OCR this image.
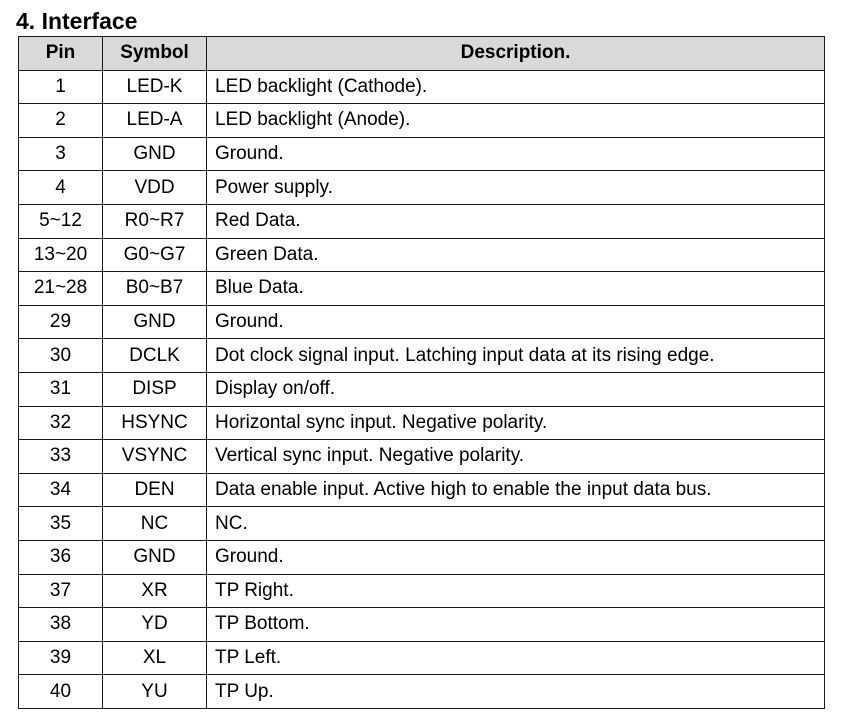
4. Interface
Pin	Symbol	Description.
1	LED-K	LED backlight (Cathode).
2	LED-A	LED backlight (Anode).
3	GND	Ground.
4	VDD	Power supply.
5~12	R0~R7	Red Data.
13~20	G0~G7	Green Data.
21~28	B0~B7	Blue Data.
29	GND	Ground.
30	DCLK	Dot clock signal input. Latching input data at its rising edge.
31	DISP	Display on/off.
32	HSYNC	Horizontal sync input. Negative polarity.
33	VSYNC	Vertical sync input. Negative polarity.
34	DEN	Data enable input. Active high to enable the input data bus.
35	NC	NC.
36	GND	Ground.
37	XR	TP Right.
38	YD	TP Bottom.
39	XL	TP Left.
40	YU	TP Up.
